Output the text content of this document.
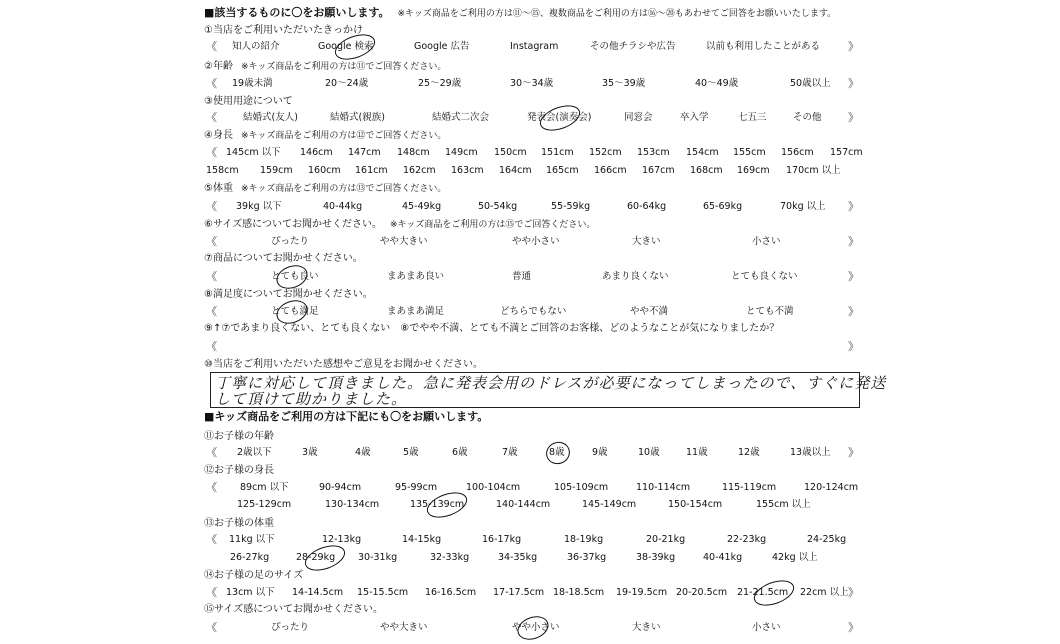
■該当するものに〇をお願いします。 ※キッズ商品をご利用の方は⑪〜⑮、複数商品をご利用の方は⑯〜⑳もあわせてご回答をお願いいたします。
①当店をご利用いただいたきっかけ
《	》
知人の紹介	Google 検索	Google 広告	Instagram	その他チラシや広告	以前も利用したことがある
②年齢 ※キッズ商品をご利用の方は⑪でご回答ください。
《	》
19歳未満	20〜24歳	25〜29歳	30〜34歳	35〜39歳	40〜49歳	50歳以上
③使用用途について
《	》
結婚式(友人)	結婚式(親族)	結婚式二次会	発表会(演奏会)	同窓会	卒入学	七五三	その他
④身長 ※キッズ商品をご利用の方は⑫でご回答ください。
《 145cm 以下 146cm 147cm 148cm 149cm 150cm 151cm 152cm 153cm 154cm 155cm 156cm 157cm
158cm 159cm 160cm 161cm 162cm 163cm 164cm 165cm 166cm 167cm 168cm 169cm 170cm 以上
⑤体重 ※キッズ商品をご利用の方は⑬でご回答ください。
《	》
39kg 以下	40-44kg	45-49kg	50-54kg	55-59kg	60-64kg	65-69kg	70kg 以上
⑥サイズ感についてお聞かせください。 ※キッズ商品をご利用の方は⑮でご回答ください。
《	》
ぴったり	やや大きい	やや小さい	大きい	小さい
⑦商品についてお聞かせください。
《	》
とても良い	まあまあ良い	普通	あまり良くない	とても良くない
⑧満足度についてお聞かせください。
《	》
とても満足	まあまあ満足	どちらでもない	やや不満	とても不満
⑨↑⑦であまり良くない、とても良くない　⑧でやや不満、とても不満とご回答のお客様、どのようなことが気になりましたか？
《	》
⑩当店をご利用いただいた感想やご意見をお聞かせください。
丁寧に対応して頂きました。急に発表会用のドレスが必要になってしまったので、すぐに発送
して頂けて助かりました。
■キッズ商品をご利用の方は下記にも〇をお願いします。
⑪お子様の年齢
《	》
2歳以下	3歳	4歳	5歳	6歳	7歳	8歳	9歳	10歳	11歳	12歳	13歳以上
⑫お子様の身長
《 89cm 以下	90-94cm	95-99cm	100-104cm	105-109cm	110-114cm	115-119cm	120-124cm
125-129cm	130-134cm	135-139cm	140-144cm	145-149cm	150-154cm	155cm 以上
⑬お子様の体重
《 11kg 以下	12-13kg	14-15kg	16-17kg	18-19kg	20-21kg	22-23kg	24-25kg
26-27kg	28-29kg 30-31kg	32-33kg	34-35kg	36-37kg	38-39kg	40-41kg	42kg 以上
⑭お子様の足のサイズ
《	》
13cm 以下 14-14.5cm 15-15.5cm 16-16.5cm 17-17.5cm 18-18.5cm 19-19.5cm 20-20.5cm 21-21.5cm 22cm 以上
⑮サイズ感についてお聞かせください。
《	》
ぴったり	やや大きい	やや小さい	大きい	小さい
